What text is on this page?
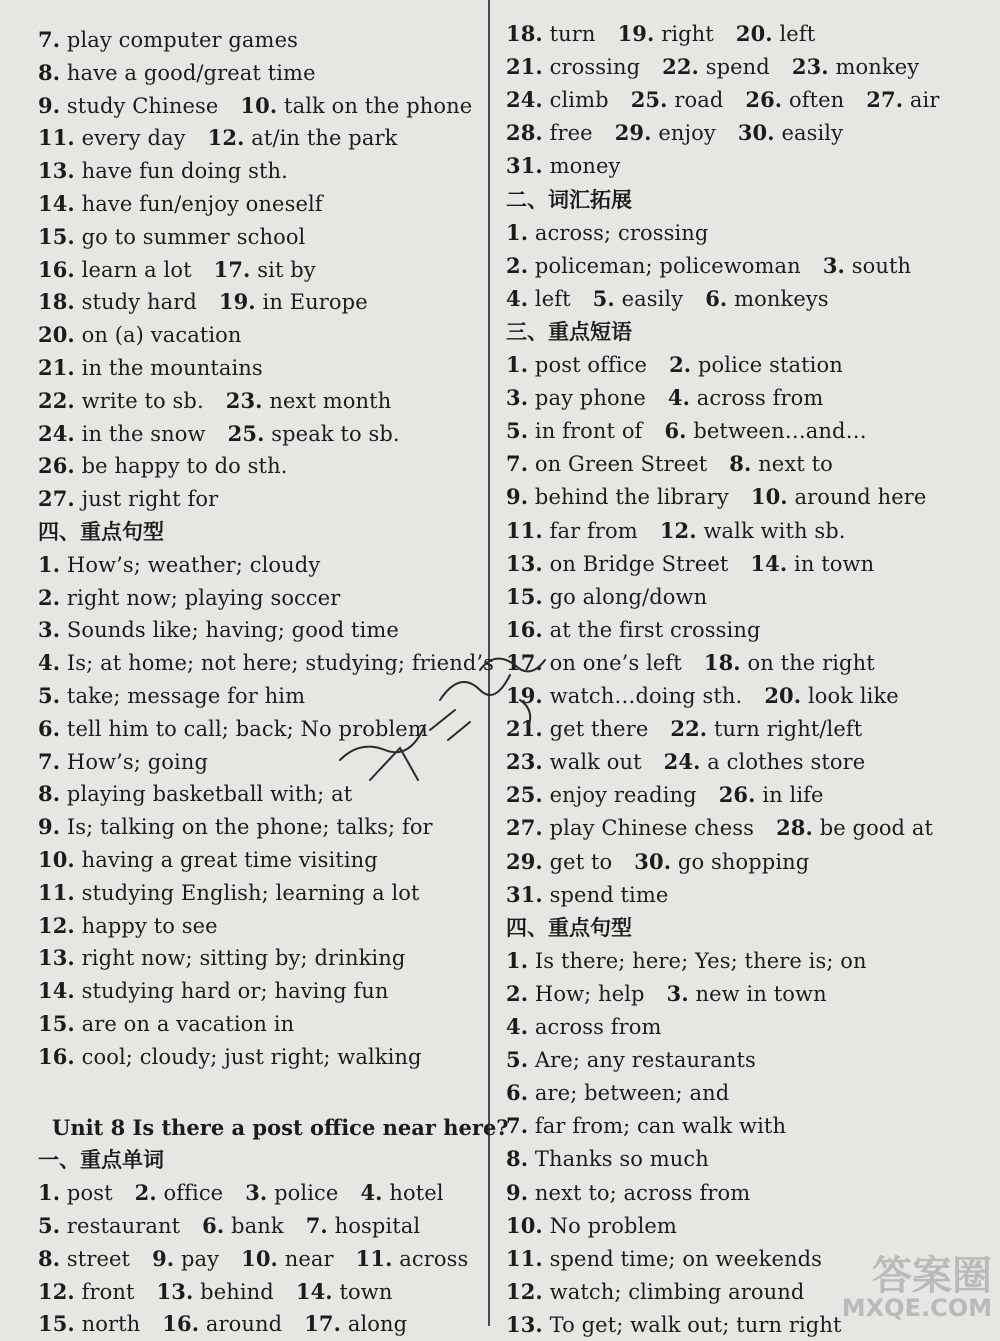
7. play computer games
8. have a good/great time
9. study Chinese 10. talk on the phone
11. every day 12. at/in the park
13. have fun doing sth.
14. have fun/enjoy oneself
15. go to summer school
16. learn a lot 17. sit by
18. study hard 19. in Europe
20. on (a) vacation
21. in the mountains
22. write to sb. 23. next month
24. in the snow 25. speak to sb.
26. be happy to do sth.
27. just right for
四、重点句型
1. How’s; weather; cloudy
2. right now; playing soccer
3. Sounds like; having; good time
4. Is; at home; not here; studying; friend’s
5. take; message for him
6. tell him to call; back; No problem
7. How’s; going
8. playing basketball with; at
9. Is; talking on the phone; talks; for
10. having a great time visiting
11. studying English; learning a lot
12. happy to see
13. right now; sitting by; drinking
14. studying hard or; having fun
15. are on a vacation in
16. cool; cloudy; just right; walking
Unit 8 Is there a post office near here?
一、重点单词
1. post 2. office 3. police 4. hotel
5. restaurant 6. bank 7. hospital
8. street 9. pay 10. near 11. across
12. front 13. behind 14. town
15. north 16. around 17. along
18. turn 19. right 20. left
21. crossing 22. spend 23. monkey
24. climb 25. road 26. often 27. air
28. free 29. enjoy 30. easily
31. money
二、词汇拓展
1. across; crossing
2. policeman; policewoman 3. south
4. left 5. easily 6. monkeys
三、重点短语
1. post office 2. police station
3. pay phone 4. across from
5. in front of 6. between…and…
7. on Green Street 8. next to
9. behind the library 10. around here
11. far from 12. walk with sb.
13. on Bridge Street 14. in town
15. go along/down
16. at the first crossing
17. on one’s left 18. on the right
19. watch…doing sth. 20. look like
21. get there 22. turn right/left
23. walk out 24. a clothes store
25. enjoy reading 26. in life
27. play Chinese chess 28. be good at
29. get to 30. go shopping
31. spend time
四、重点句型
1. Is there; here; Yes; there is; on
2. How; help 3. new in town
4. across from
5. Are; any restaurants
6. are; between; and
7. far from; can walk with
8. Thanks so much
9. next to; across from
10. No problem
11. spend time; on weekends
12. watch; climbing around
13. To get; walk out; turn right
答案圈
MXQE.COM
